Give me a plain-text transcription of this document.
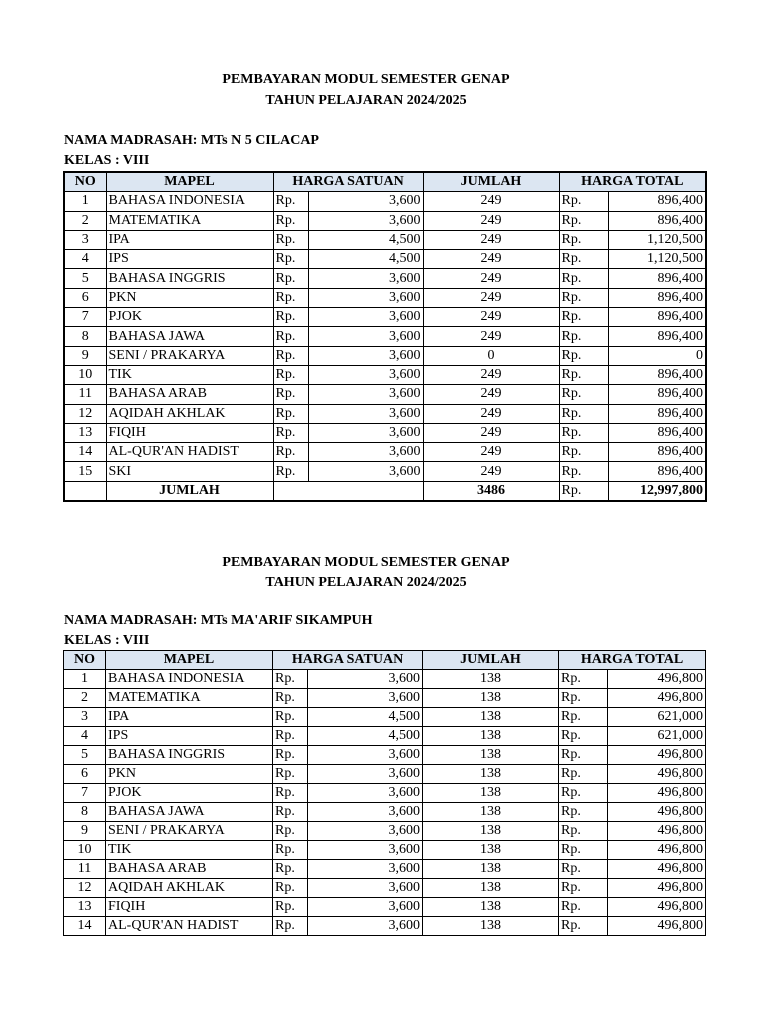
PEMBAYARAN MODUL SEMESTER GENAP
TAHUN PELAJARAN 2024/2025
NAMA MADRASAH: MTs N 5 CILACAP
KELAS : VIII
NO	MAPEL	HARGA SATUAN		JUMLAH	HARGA TOTAL	
1	BAHASA INDONESIA	Rp.	3,600	249	Rp.	896,400
2	MATEMATIKA	Rp.	3,600	249	Rp.	896,400
3	IPA	Rp.	4,500	249	Rp.	1,120,500
4	IPS	Rp.	4,500	249	Rp.	1,120,500
5	BAHASA INGGRIS	Rp.	3,600	249	Rp.	896,400
6	PKN	Rp.	3,600	249	Rp.	896,400
7	PJOK	Rp.	3,600	249	Rp.	896,400
8	BAHASA JAWA	Rp.	3,600	249	Rp.	896,400
9	SENI / PRAKARYA	Rp.	3,600	0	Rp.	0
10	TIK	Rp.	3,600	249	Rp.	896,400
11	BAHASA ARAB	Rp.	3,600	249	Rp.	896,400
12	AQIDAH AKHLAK	Rp.	3,600	249	Rp.	896,400
13	FIQIH	Rp.	3,600	249	Rp.	896,400
14	AL-QUR'AN HADIST	Rp.	3,600	249	Rp.	896,400
15	SKI	Rp.	3,600	249	Rp.	896,400
	JUMLAH			3486	Rp.	12,997,800
PEMBAYARAN MODUL SEMESTER GENAP
TAHUN PELAJARAN 2024/2025
NAMA MADRASAH: MTs MA'ARIF SIKAMPUH
KELAS : VIII
NO	MAPEL	HARGA SATUAN		JUMLAH	HARGA TOTAL	
1	BAHASA INDONESIA	Rp.	3,600	138	Rp.	496,800
2	MATEMATIKA	Rp.	3,600	138	Rp.	496,800
3	IPA	Rp.	4,500	138	Rp.	621,000
4	IPS	Rp.	4,500	138	Rp.	621,000
5	BAHASA INGGRIS	Rp.	3,600	138	Rp.	496,800
6	PKN	Rp.	3,600	138	Rp.	496,800
7	PJOK	Rp.	3,600	138	Rp.	496,800
8	BAHASA JAWA	Rp.	3,600	138	Rp.	496,800
9	SENI / PRAKARYA	Rp.	3,600	138	Rp.	496,800
10	TIK	Rp.	3,600	138	Rp.	496,800
11	BAHASA ARAB	Rp.	3,600	138	Rp.	496,800
12	AQIDAH AKHLAK	Rp.	3,600	138	Rp.	496,800
13	FIQIH	Rp.	3,600	138	Rp.	496,800
14	AL-QUR'AN HADIST	Rp.	3,600	138	Rp.	496,800
